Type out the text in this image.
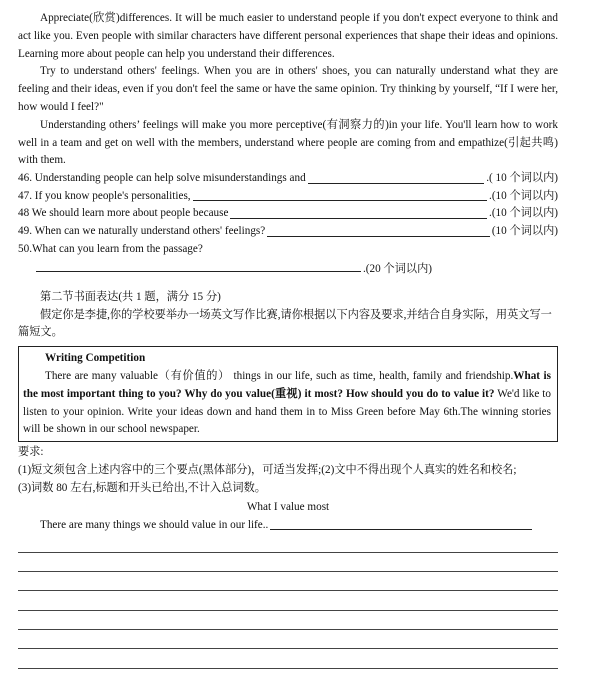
Appreciate(欣赏)differences. It will be much easier to understand people if you don't expect everyone to think and act like you. Even people with similar characters have different personal experiences that shape their ideas and opinions. Learning more about people can help you understand their differences.

Try to understand others' feelings. When you are in others' shoes, you can naturally understand what they are feeling and their ideas, even if you don't feel the same or have the same opinion. Try thinking by yourself, “If I were her, how would I feel?"

Understanding others’ feelings will make you more perceptive(有洞察力的)in your life. You'll learn how to work well in a team and get on well with the members, understand where people are coming from and empathize(引起共鸣) with them.

46. Understanding people can help solve misunderstandings and	.( 10 个词以内)
47. If you know people's personalities,	.(10 个词以内)
48 We should learn more about people because	.(10 个词以内)
49. When can we naturally understand others' feelings?	(10 个词以内)
50.What can you learn from the passage?
.(20 个词以内)

第二节书面表达(共 1 题，满分 15 分)

假定你是李捷,你的学校要举办一场英文写作比赛,请你根据以下内容及要求,并结合自身实际，用英文写一篇短文。

Writing Competition

There are many valuable（有价值的） things in our life, such as time, health, family and friendship.What is the most important thing to you? Why do you value(重视) it most? How should you do to value it? We'd like to listen to your opinion. Write your ideas down and hand them in to Miss Green before May 6th.The winning stories will be shown in our school newspaper.

要求:

(1)短文须包含上述内容中的三个要点(黑体部分)，可适当发挥;(2)文中不得出现个人真实的姓名和校名;

(3)词数 80 左右,标题和开头已给出,不计入总词数。

What I value most

There are many things we should value in our life..
